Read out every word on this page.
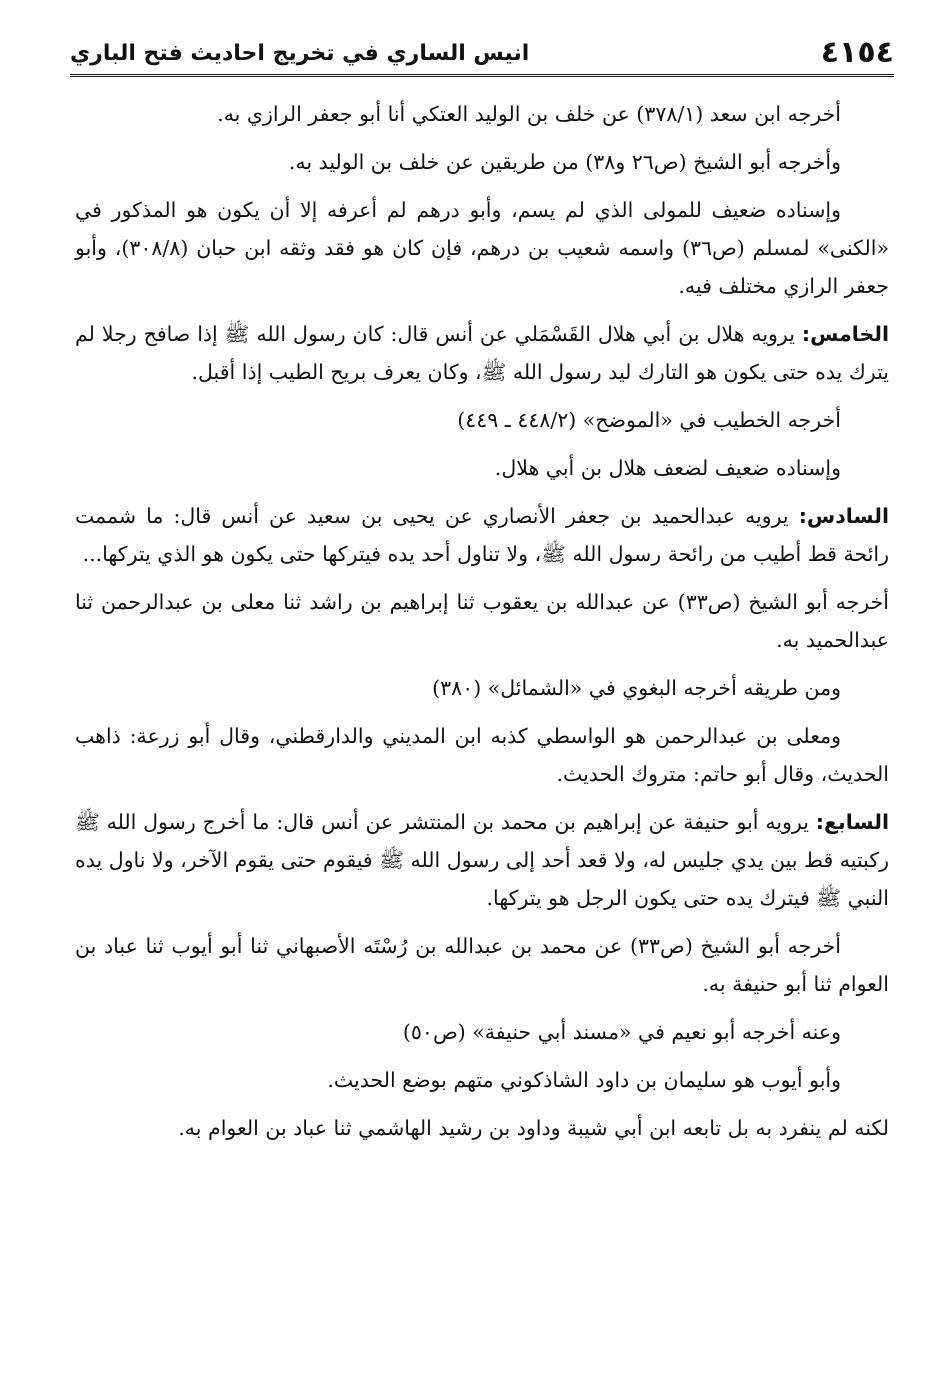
٤١٥٤
انيس الساري في تخريج احاديث فتح الباري

أخرجه ابن سعد (٣٧٨/١) عن خلف بن الوليد العتكي أنا أبو جعفر الرازي به.

وأخرجه أبو الشيخ (ص٢٦ و٣٨) من طريقين عن خلف بن الوليد به.

وإسناده ضعيف للمولى الذي لم يسم، وأبو درهم لم أعرفه إلا أن يكون هو المذكور في «الكنى» لمسلم (ص٣٦) واسمه شعيب بن درهم، فإن كان هو فقد وثقه ابن حبان (٣٠٨/٨)، وأبو جعفر الرازي مختلف فيه.

الخامس: يرويه هلال بن أبي هلال القَسْمَلي عن أنس قال: كان رسول الله ﷺ إذا صافح رجلا لم يترك يده حتى يكون هو التارك ليد رسول الله ﷺ، وكان يعرف بريح الطيب إذا أقبل.

أخرجه الخطيب في «الموضح» (٤٤٨/٢ ـ ٤٤٩)

وإسناده ضعيف لضعف هلال بن أبي هلال.

السادس: يرويه عبدالحميد بن جعفر الأنصاري عن يحيى بن سعيد عن أنس قال: ما شممت رائحة قط أطيب من رائحة رسول الله ﷺ، ولا تناول أحد يده فيتركها حتى يكون هو الذي يتركها...

أخرجه أبو الشيخ (ص٣٣) عن عبدالله بن يعقوب ثنا إبراهيم بن راشد ثنا معلى بن عبدالرحمن ثنا عبدالحميد به.

ومن طريقه أخرجه البغوي في «الشمائل» (٣٨٠)

ومعلى بن عبدالرحمن هو الواسطي كذبه ابن المديني والدارقطني، وقال أبو زرعة: ذاهب الحديث، وقال أبو حاتم: متروك الحديث.

السابع: يرويه أبو حنيفة عن إبراهيم بن محمد بن المنتشر عن أنس قال: ما أخرج رسول الله ﷺ ركبتيه قط بين يدي جليس له، ولا قعد أحد إلى رسول الله ﷺ فيقوم حتى يقوم الآخر، ولا ناول يده النبي ﷺ فيترك يده حتى يكون الرجل هو يتركها.

أخرجه أبو الشيخ (ص٣٣) عن محمد بن عبدالله بن رُسْتَه الأصبهاني ثنا أبو أيوب ثنا عباد بن العوام ثنا أبو حنيفة به.

وعنه أخرجه أبو نعيم في «مسند أبي حنيفة» (ص٥٠)

وأبو أيوب هو سليمان بن داود الشاذكوني متهم بوضع الحديث.

لكنه لم ينفرد به بل تابعه ابن أبي شيبة وداود بن رشيد الهاشمي ثنا عباد بن العوام به.
